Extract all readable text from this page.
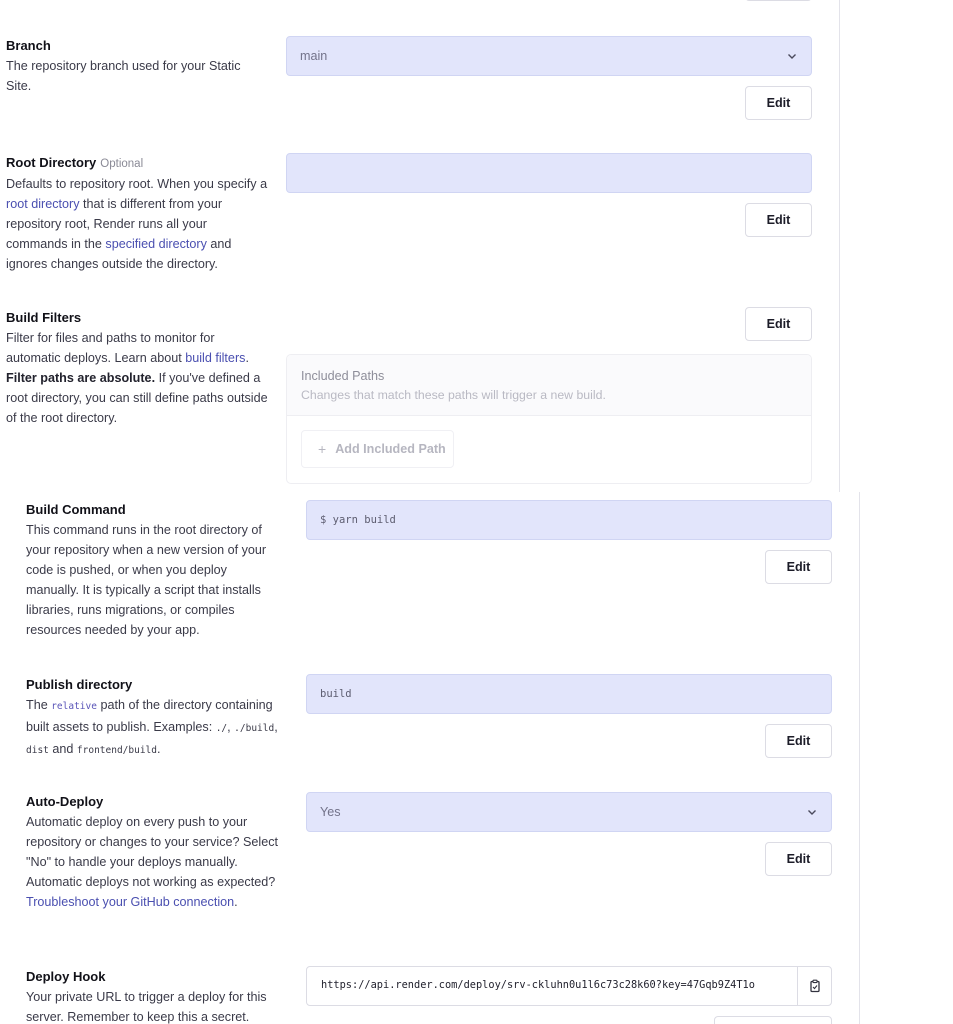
Branch
The repository branch used for your Static Site.
main
Edit
Root Directory Optional
Defaults to repository root. When you specify a root directory that is different from your repository root, Render runs all your commands in the specified directory and ignores changes outside the directory.
Edit
Build Filters
Filter for files and paths to monitor for automatic deploys. Learn about build filters. Filter paths are absolute. If you've defined a root directory, you can still define paths outside of the root directory.
Edit
Included Paths
Changes that match these paths will trigger a new build.
+ Add Included Path
Build Command
This command runs in the root directory of your repository when a new version of your code is pushed, or when you deploy manually. It is typically a script that installs libraries, runs migrations, or compiles resources needed by your app.
$ yarn build
Edit
Publish directory
The relative path of the directory containing built assets to publish. Examples: ./, ./build, dist and frontend/build.
build
Edit
Auto-Deploy
Automatic deploy on every push to your repository or changes to your service? Select "No" to handle your deploys manually. Automatic deploys not working as expected? Troubleshoot your GitHub connection.
Yes
Edit
Deploy Hook
Your private URL to trigger a deploy for this server. Remember to keep this a secret.
https://api.render.com/deploy/srv-ckluhn0u1l6c73c28k60?key=47Gqb9Z4T1o
